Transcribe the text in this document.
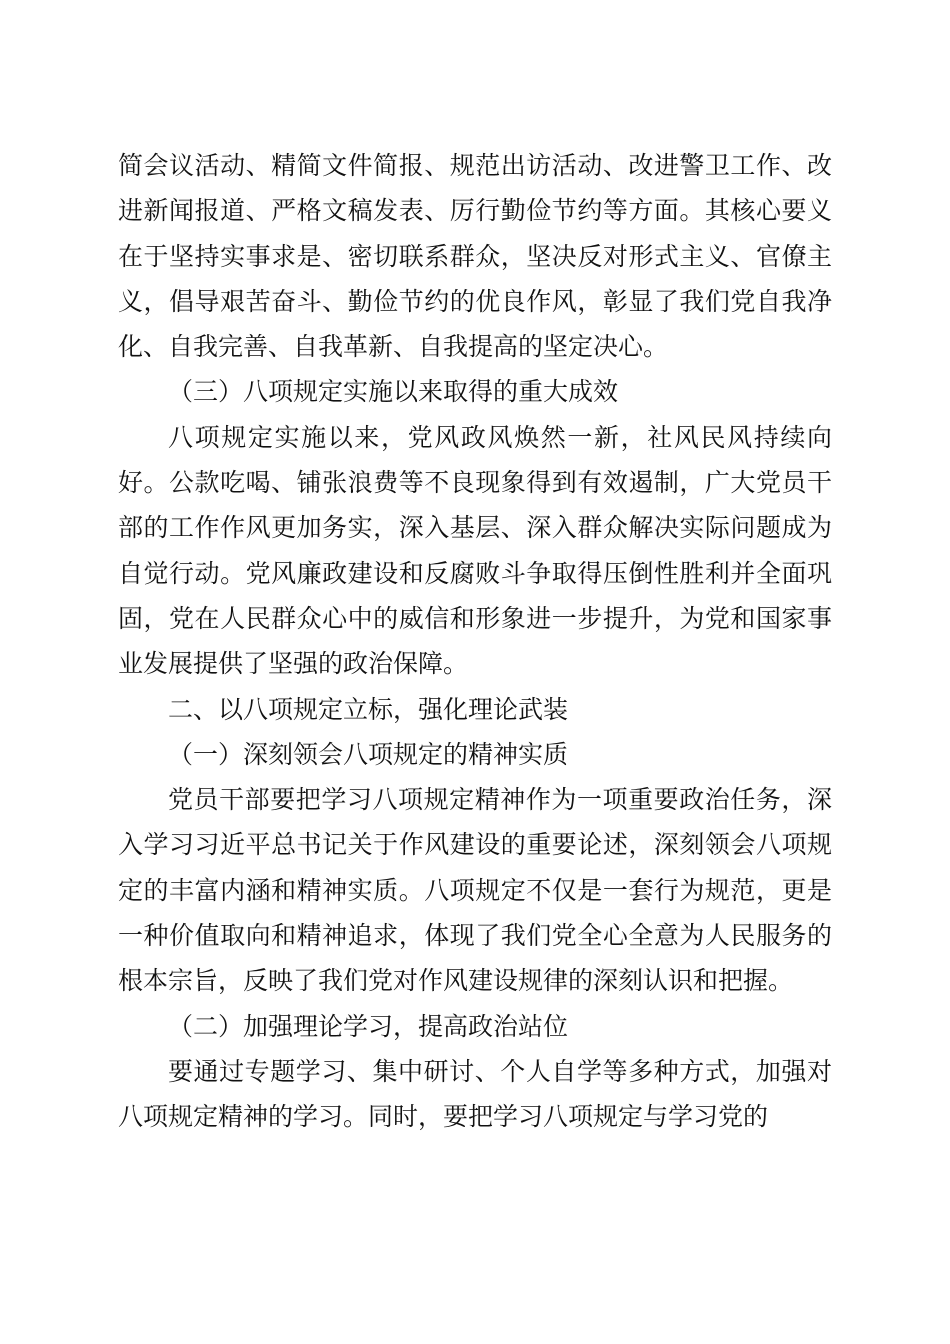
简会议活动、精简文件简报、规范出访活动、改进警卫工作、改进新闻报道、严格文稿发表、厉行勤俭节约等方面。其核心要义在于坚持实事求是、密切联系群众，坚决反对形式主义、官僚主义，倡导艰苦奋斗、勤俭节约的优良作风，彰显了我们党自我净化、自我完善、自我革新、自我提高的坚定决心。

（三）八项规定实施以来取得的重大成效

八项规定实施以来，党风政风焕然一新，社风民风持续向好。公款吃喝、铺张浪费等不良现象得到有效遏制，广大党员干部的工作作风更加务实，深入基层、深入群众解决实际问题成为自觉行动。党风廉政建设和反腐败斗争取得压倒性胜利并全面巩固，党在人民群众心中的威信和形象进一步提升，为党和国家事业发展提供了坚强的政治保障。

二、以八项规定立标，强化理论武装

（一）深刻领会八项规定的精神实质

党员干部要把学习八项规定精神作为一项重要政治任务，深入学习习近平总书记关于作风建设的重要论述，深刻领会八项规定的丰富内涵和精神实质。八项规定不仅是一套行为规范，更是一种价值取向和精神追求，体现了我们党全心全意为人民服务的根本宗旨，反映了我们党对作风建设规律的深刻认识和把握。

（二）加强理论学习，提高政治站位

要通过专题学习、集中研讨、个人自学等多种方式，加强对八项规定精神的学习。同时，要把学习八项规定与学习党的
